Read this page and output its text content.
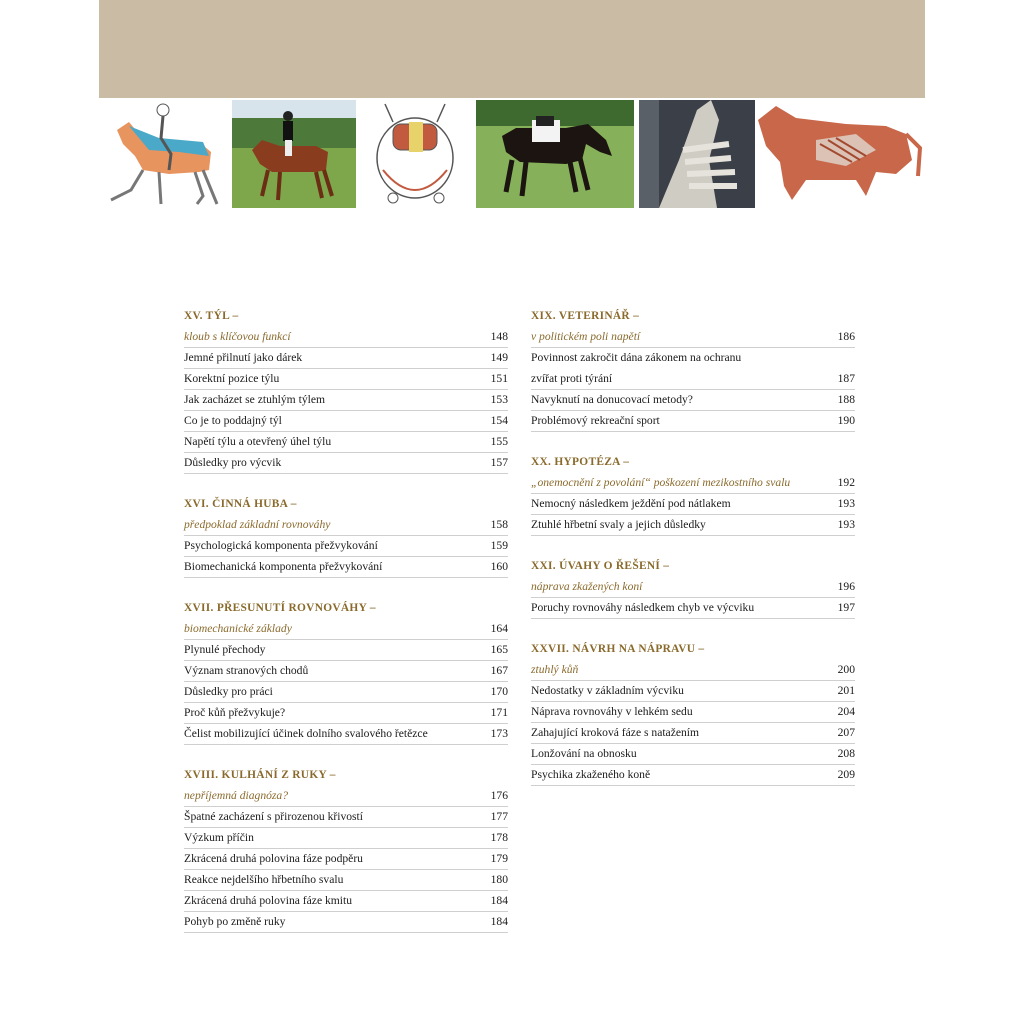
XV. TÝL –
kloub s klíčovou funkcí	148
Jemné přilnutí jako dárek	149
Korektní pozice týlu	151
Jak zacházet se ztuhlým týlem	153
Co je to poddajný týl	154
Napětí týlu a otevřený úhel týlu	155
Důsledky pro výcvik	157
XVI. ČINNÁ HUBA –
předpoklad základní rovnováhy	158
Psychologická komponenta přežvykování	159
Biomechanická komponenta přežvykování	160
XVII. PŘESUNUTÍ ROVNOVÁHY –
biomechanické základy	164
Plynulé přechody	165
Význam stranových chodů	167
Důsledky pro práci	170
Proč kůň přežvykuje?	171
Čelist mobilizující účinek dolního svalového řetězce	173
XVIII. KULHÁNÍ Z RUKY –
nepříjemná diagnóza?	176
Špatné zacházení s přirozenou křivostí	177
Výzkum příčin	178
Zkrácená druhá polovina fáze podpěru	179
Reakce nejdelšího hřbetního svalu	180
Zkrácená druhá polovina fáze kmitu	184
Pohyb po změně ruky	184
XIX. VETERINÁŘ –
v politickém poli napětí	186
Povinnost zakročit dána zákonem na ochranu
zvířat proti týrání	187
Navyknutí na donucovací metody?	188
Problémový rekreační sport	190
XX. HYPOTÉZA –
„onemocnění z povolání“ poškození mezikostního svalu	192
Nemocný následkem ježdění pod nátlakem	193
Ztuhlé hřbetní svaly a jejich důsledky	193
XXI. ÚVAHY O ŘEŠENÍ –
náprava zkažených koní	196
Poruchy rovnováhy následkem chyb ve výcviku	197
XXVII. NÁVRH NA NÁPRAVU –
ztuhlý kůň	200
Nedostatky v základním výcviku	201
Náprava rovnováhy v lehkém sedu	204
Zahajující kroková fáze s natažením	207
Lonžování na obnosku	208
Psychika zkaženého koně	209
